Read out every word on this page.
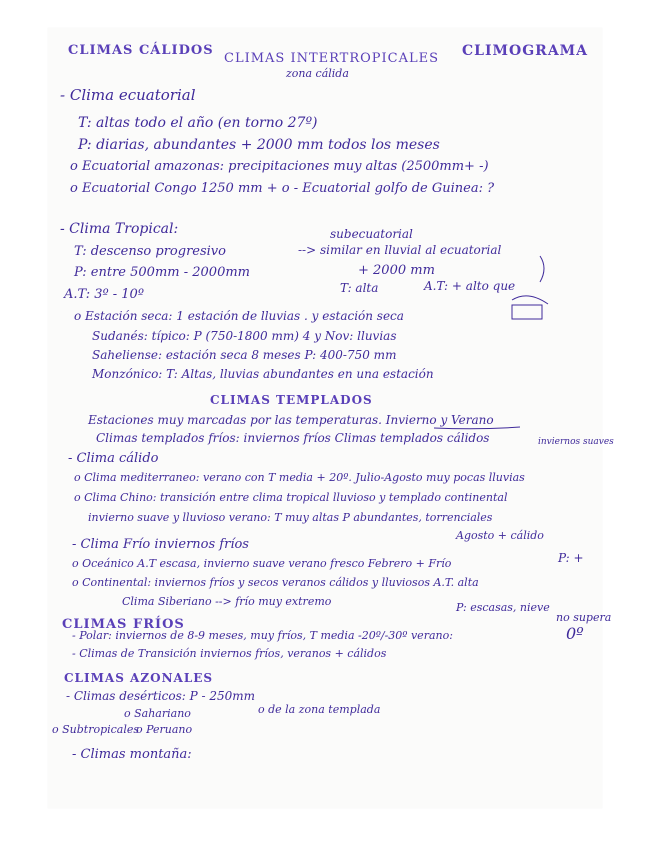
CLIMAS CÁLIDOS
CLIMAS INTERTROPICALES
zona cálida
CLIMOGRAMA
- Clima ecuatorial
T: altas todo el año (en torno 27º)
P: diarias, abundantes + 2000 mm todos los meses
o Ecuatorial amazonas: precipitaciones muy altas (2500mm+ -)
o Ecuatorial Congo 1250 mm + o - Ecuatorial golfo de Guinea: ?
- Clima Tropical:	subecuatorial
T: descenso progresivo	--> similar en lluvial al ecuatorial
P: entre 500mm - 2000mm	+ 2000 mm
A.T: 3º - 10º	T: alta	A.T: + alto que
o Estación seca: 1 estación de lluvias . y estación seca
Sudanés: típico: P (750-1800 mm) 4 y Nov: lluvias
Saheliense: estación seca 8 meses P: 400-750 mm
Monzónico: T: Altas, lluvias abundantes en una estación
CLIMAS TEMPLADOS
Estaciones muy marcadas por las temperaturas. Invierno y Verano
Climas templados fríos: inviernos fríos Climas templados cálidos	inviernos suaves
- Clima cálido
o Clima mediterraneo: verano con T media + 20º. Julio-Agosto muy pocas lluvias
o Clima Chino: transición entre clima tropical lluvioso y templado continental
invierno suave y lluvioso verano: T muy altas P abundantes, torrenciales
Agosto + cálido
- Clima Frío inviernos fríos
o Oceánico A.T escasa, invierno suave verano fresco Febrero + Frío	P: +
o Continental: inviernos fríos y secos veranos cálidos y lluviosos A.T. alta
Clima Siberiano --> frío muy extremo	P: escasas, nieve
no supera
CLIMAS FRÍOS	0º
- Polar: inviernos de 8-9 meses, muy fríos, T media -20º/-30º verano:
- Climas de Transición inviernos fríos, veranos + cálidos
CLIMAS AZONALES
- Climas desérticos: P - 250mm
o Sahariano	o de la zona templada
o Subtropicales
o Peruano
- Climas montaña:
